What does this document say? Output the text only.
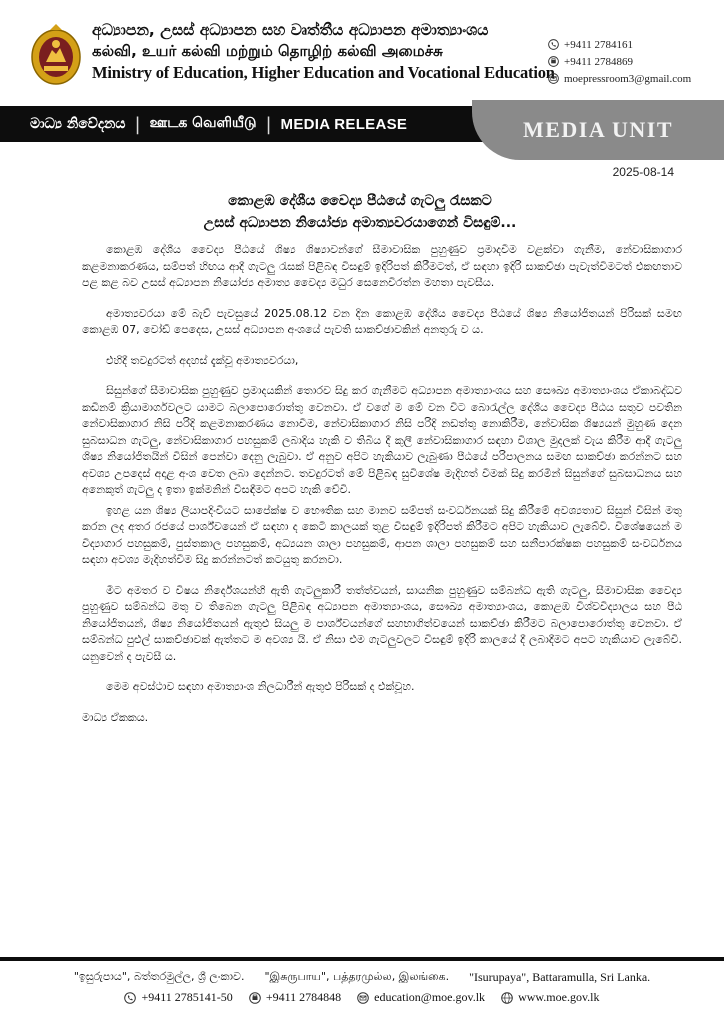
අධ්‍යාපන, උසස් අධ්‍යාපන සහ වෘත්තීය අධ්‍යාපන අමාත්‍යාංශය
கல்வி, உயர் கல்வி மற்றும் தொழிற் கல்வி அமைச்சு
Ministry of Education, Higher Education and Vocational Education
+9411 2784161
+9411 2784869
moepressroom3@gmail.com
මාධ්‍ය නිවේදනය | ஊடக வெளியீடு | MEDIA RELEASE	MEDIA UNIT
2025-08-14
කොළඹ දේශීය වෛද්‍ය පීඨයේ ගැටලු රැසකට
උසස් අධ්‍යාපන නියෝජ්‍ය අමාත්‍යවරයාගෙන් විසඳුම්...

කොළඹ දේශීය වෛද්‍ය පීඨයේ ශිෂ්‍ය ශිෂ්‍යාවන්ගේ සීමාවාසික පුහුණුව ප්‍රමාදවීම වළක්වා ගැනීම, නේවාසිකාගාර කළමනාකරණය, සම්පත් හිඟය ආදී ගැටලු රැසක් පිළිබඳ විසඳුම් ඉදිරිපත් කිරීමටත්, ඒ සඳහා ඉදිරි සාකච්ඡා පැවැත්වීමටත් එකඟතාව පළ කළ බව උසස් අධ්‍යාපන නියෝජ්‍ය අමාත්‍ය වෛද්‍ය මධුර සෙනෙවිරත්න මහතා පැවසීය.

අමාත්‍යවරයා මේ බැව් පැවසුයේ 2025.08.12 වන දින කොළඹ දේශීය වෛද්‍ය පීඨයේ ශිෂ්‍ය නියෝජිතයන් පිරිසක් සමඟ කොළඹ 07, වෝඩ් පෙදෙස, උසස් අධ්‍යාපන අංශයේ පැවති සාකච්ඡාවකින් අනතුරු ව ය.

එහිදී තවදුරටත් අදහස් දැක්වූ අමාත්‍යවරයා,

සිසුන්ගේ සීමාවාසික පුහුණුව ප්‍රමාදයකින් තොරව සිදු කර ගැනීමට අධ්‍යාපන අමාත්‍යාංශය සහ සෞඛ්‍ය අමාත්‍යාංශය ඒකාබද්ධව කඩිනම් ක්‍රියාමාර්ගවලට යාමට බලාපොරොත්තු වෙනවා. ඒ වගේ ම මේ වන විට බොරැල්ල දේශීය වෛද්‍ය පීඨය සතුව පවතින නේවාසිකාගාර නිසි පරිදි කළමනාකරණය නොවීම, නේවාසිකාගාර නිසි පරිදි නඩත්තු නොකිරීම, නේවාසික ශිෂ්‍යයන් මුහුණ දෙන සුබසාධන ගැටලු, නේවාසිකාගාර පහසුකම් ලබාදිය හැකි ව තිබිය දී කුලී නේවාසිකාගාර සඳහා විශාල මුදලක් වැය කිරීම ආදී ගැටලු ශිෂ්‍ය නියෝජිතයින් විසින් පෙන්වා දෙනු ලැබුවා. ඒ අනුව අපිට හැකියාව ලැබුණා පීඨයේ පරිපාලනය සමඟ සාකච්ඡා කරන්නට සහ අවශ්‍ය උපදෙස් අදාළ අංශ වෙත ලබා දෙන්නට. තවදුරටත් මේ පිළිබඳ සුවිශේෂ මැදිහත් වීමක් සිදු කරමින් සිසුන්ගේ සුබසාධනය සහ අනෙකුත් ගැටලු ද ඉතා ඉක්මනින් විසඳීමට අපට හැකි වේවි.

ඉහළ යන ශිෂ්‍ය ලියාපදිංචියට සාපේක්ෂ ව භෞතික සහ මානව සම්පත් සංවර්ධනයක් සිදු කිරීමේ අවශ්‍යතාව සිසුන් විසින් මතු කරන ලද අතර රජයේ පාර්ශ්වයෙන් ඒ සඳහා ද කෙටි කාලයක් තුළ විසඳුම් ඉදිරිපත් කිරීමට අපිට හැකියාව ලැබේවි. විශේෂයෙන් ම විද්‍යාගාර පහසුකම්, පුස්තකාල පහසුකම්, අධ්‍යයන ශාලා පහසුකම්, ආපන ශාලා පහසුකම් සහ සනීපාරක්ෂක පහසුකම් සංවර්ධනය සඳහා අවශ්‍ය මැදිහත්වීම සිදු කරන්නටත් කටයුතු කරනවා.

මීට අමතර ව විෂය නිර්දේශයන්හි ඇති ගැටලුකාරී තත්ත්වයන්, සායනික පුහුණුව සම්බන්ධ ඇති ගැටලු, සීමාවාසික වෛද්‍ය පුහුණුව සම්බන්ධ මතු ව තිබෙන ගැටලු පිළිබඳ අධ්‍යාපන අමාත්‍යාංශය, සෞඛ්‍ය අමාත්‍යාංශය, කොළඹ විශ්වවිද්‍යාලය සහ පීඨ නියෝජිතයන්, ශිෂ්‍ය නියෝජිතයන් ඇතුළු සියලු ම පාර්ශ්වයන්ගේ සහභාගිත්වයෙන් සාකච්ඡා කිරීමට බලාපොරොත්තු වෙනවා. ඒ සම්බන්ධ පුළුල් සාකච්ඡාවක් ඇත්තට ම අවශ්‍ය යි. ඒ නිසා එම ගැටලුවලට විසඳුම් ඉදිරි කාලයේ දී ලබාදීමට අපට හැකියාව ලැබේවි. යනුවෙන් ද පැවසී ය.

මෙම අවස්ථාව සඳහා අමාත්‍යාංශ නිලධාරීන් ඇතුළු පිරිසක් ද එක්වූහ.

මාධ්‍ය ඒකකය.

"ඉසුරුපාය", බත්තරමුල්ල, ශ්‍රී ලංකාව. "இசுருபாய", பத்தரமுல்ல, இலங்கை. "Isurupaya", Battaramulla, Sri Lanka.
+9411 2785141-50	+9411 2784848	education@moe.gov.lk	www.moe.gov.lk
